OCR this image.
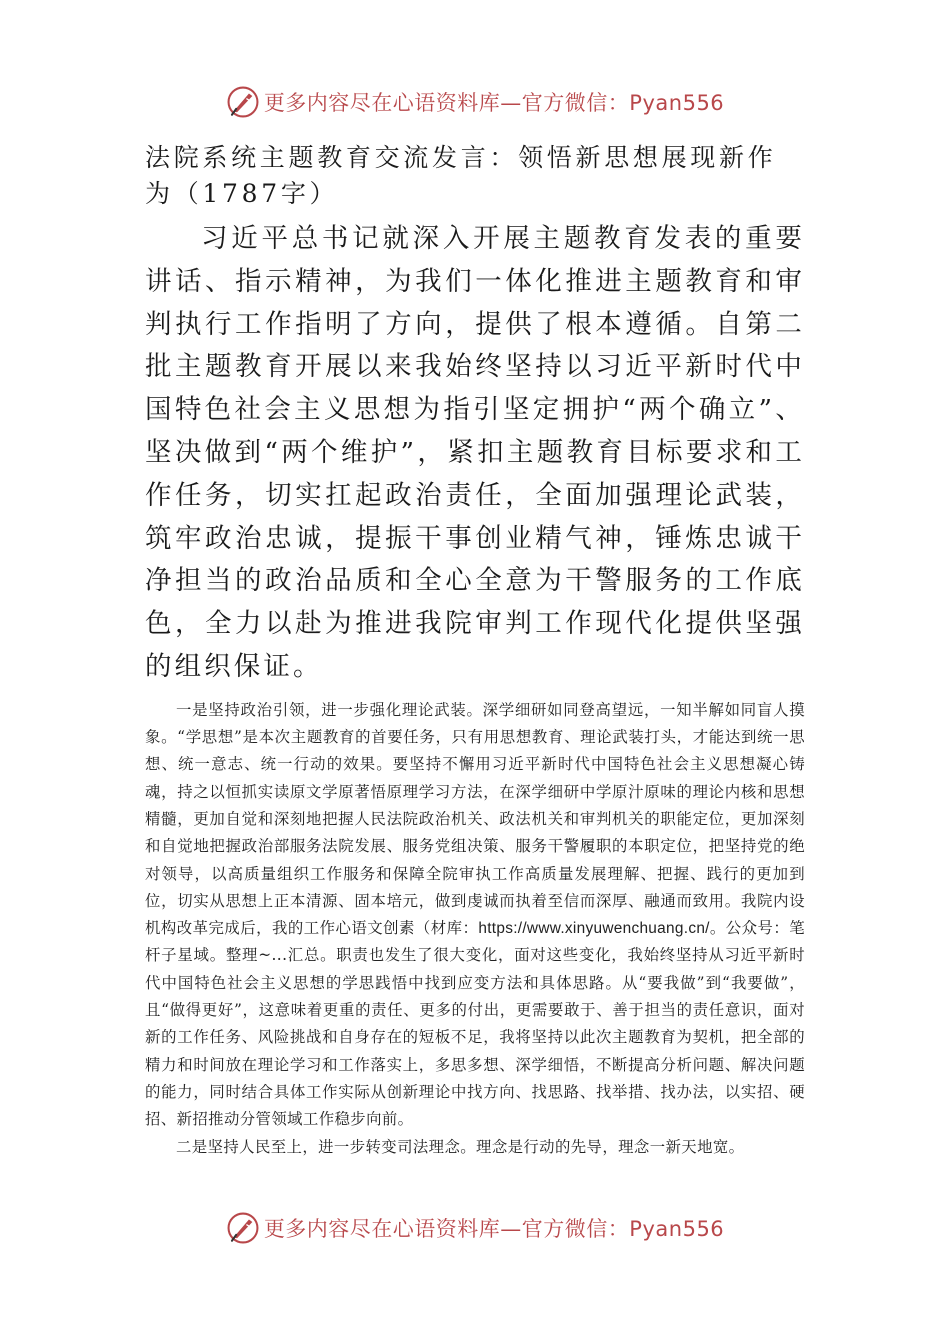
更多内容尽在心语资料库—官方微信：Pyan556
法院系统主题教育交流发言：领悟新思想展现新作为（1787字）

习近平总书记就深入开展主题教育发表的重要讲话、指示精神，为我们一体化推进主题教育和审判执行工作指明了方向，提供了根本遵循。自第二批主题教育开展以来我始终坚持以习近平新时代中国特色社会主义思想为指引坚定拥护“两个确立”、坚决做到“两个维护”，紧扣主题教育目标要求和工作任务，切实扛起政治责任，全面加强理论武装，筑牢政治忠诚，提振干事创业精气神，锤炼忠诚干净担当的政治品质和全心全意为干警服务的工作底色，全力以赴为推进我院审判工作现代化提供坚强的组织保证。

一是坚持政治引领，进一步强化理论武装。深学细研如同登高望远，一知半解如同盲人摸象。“学思想”是本次主题教育的首要任务，只有用思想教育、理论武装打头，才能达到统一思想、统一意志、统一行动的效果。要坚持不懈用习近平新时代中国特色社会主义思想凝心铸魂，持之以恒抓实读原文学原著悟原理学习方法，在深学细研中学原汁原味的理论内核和思想精髓，更加自觉和深刻地把握人民法院政治机关、政法机关和审判机关的职能定位，更加深刻和自觉地把握政治部服务法院发展、服务党组决策、服务干警履职的本职定位，把坚持党的绝对领导，以高质量组织工作服务和保障全院审执工作高质量发展理解、把握、践行的更加到位，切实从思想上正本清源、固本培元，做到虔诚而执着至信而深厚、融通而致用。我院内设机构改革完成后，我的工作心语文创素（材库：https://www.xinyuwenchuang.cn/。公众号：笔杆子星域。整理~...汇总。职责也发生了很大变化，面对这些变化，我始终坚持从习近平新时代中国特色社会主义思想的学思践悟中找到应变方法和具体思路。从“要我做”到“我要做”，且“做得更好”，这意味着更重的责任、更多的付出，更需要敢于、善于担当的责任意识，面对新的工作任务、风险挑战和自身存在的短板不足，我将坚持以此次主题教育为契机，把全部的精力和时间放在理论学习和工作落实上，多思多想、深学细悟，不断提高分析问题、解决问题的能力，同时结合具体工作实际从创新理论中找方向、找思路、找举措、找办法，以实招、硬招、新招推动分管领域工作稳步向前。

二是坚持人民至上，进一步转变司法理念。理念是行动的先导，理念一新天地宽。

更多内容尽在心语资料库—官方微信：Pyan556
